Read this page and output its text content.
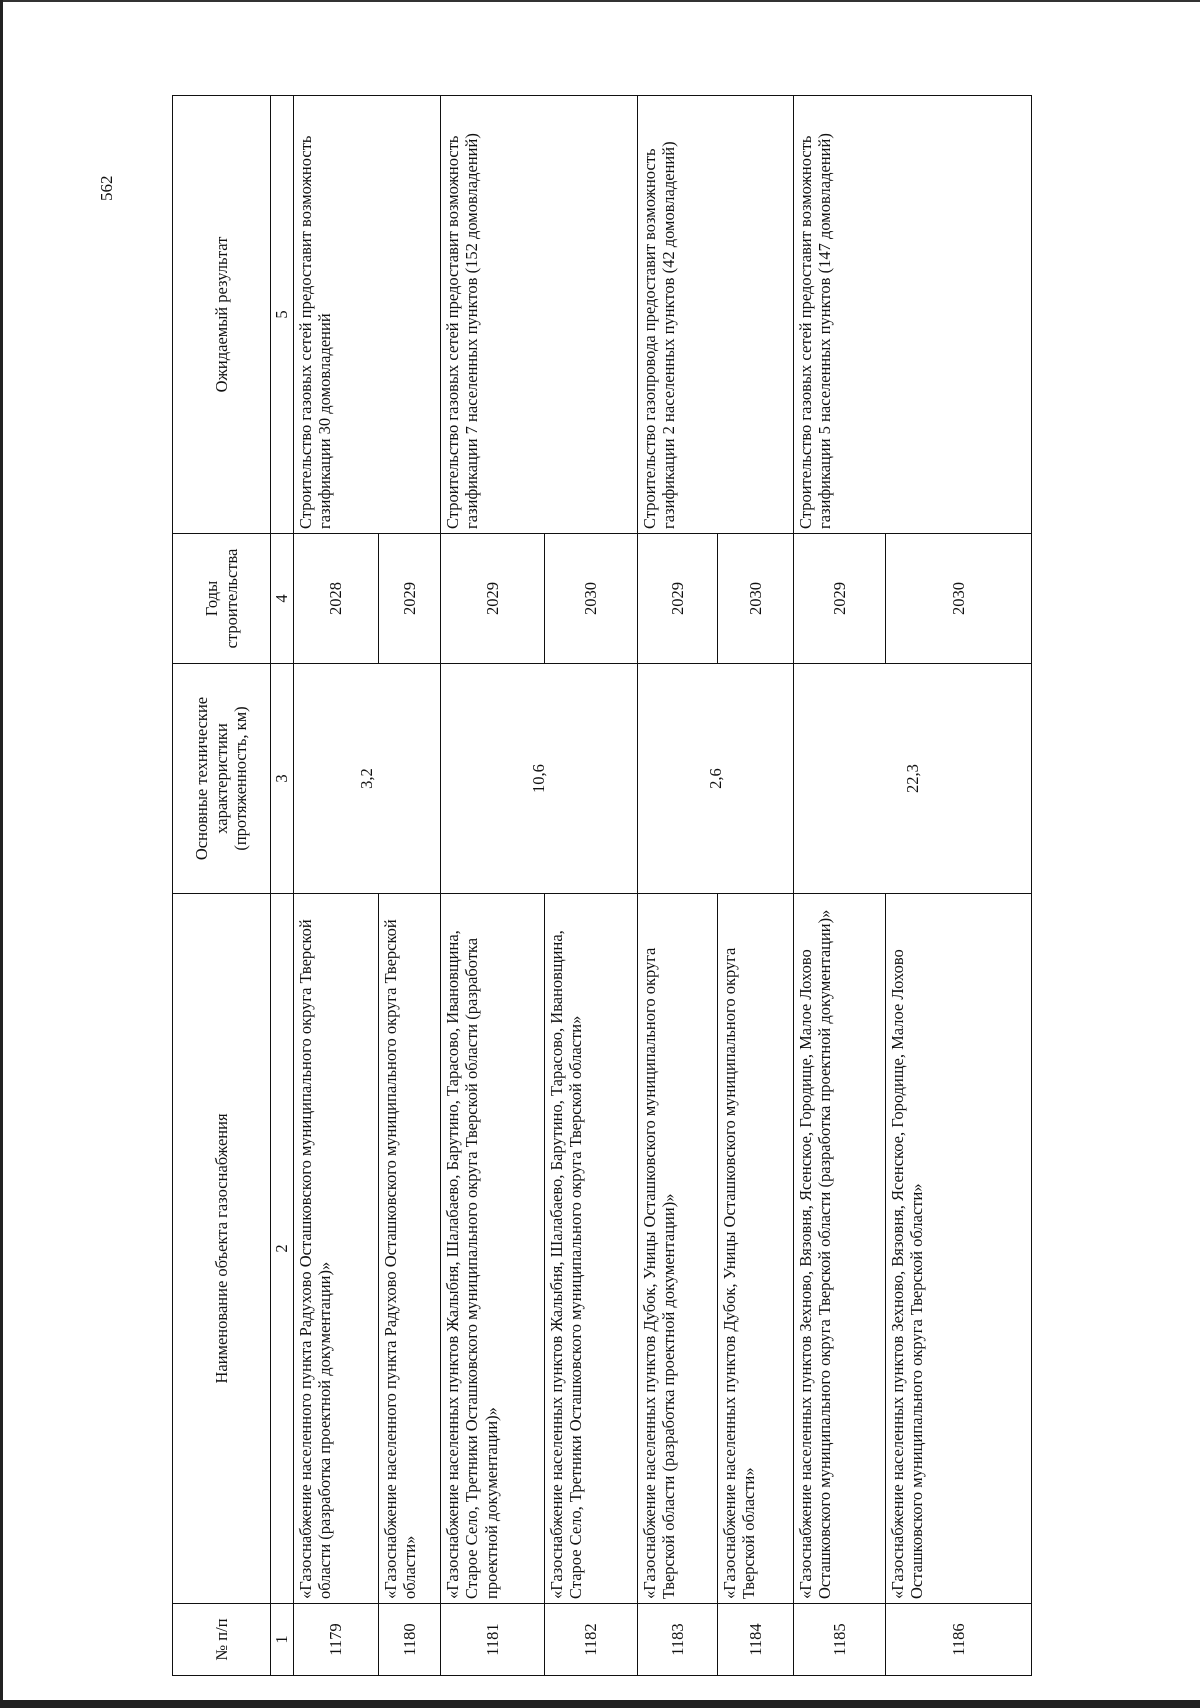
562
№ п/п	Наименование объекта газоснабжения	Основные технические характеристики (протяженность, км)	Годы строительства	Ожидаемый результат
1	2	3	4	5
1179	«Газоснабжение населенного пункта Радухово Осташковского муниципального округа Тверской области (разработка проектной документации)»	3,2	2028	Строительство газовых сетей предоставит возможность газификации 30 домовладений
1180	«Газоснабжение населенного пункта Радухово Осташковского муниципального округа Тверской области»		2029	
1181	«Газоснабжение населенных пунктов Жалыбня, Шалабаево, Барутино, Тарасово, Ивановщина, Старое Село, Третники Осташковского муниципального округа Тверской области (разработка проектной документации)»	10,6	2029	Строительство газовых сетей предоставит возможность газификации 7 населенных пунктов (152 домовладений)
1182	«Газоснабжение населенных пунктов Жалыбня, Шалабаево, Барутино, Тарасово, Ивановщина, Старое Село, Третники Осташковского муниципального округа Тверской области»		2030	
1183	«Газоснабжение населенных пунктов Дубок, Уницы Осташковского муниципального округа Тверской области (разработка проектной документации)»	2,6	2029	Строительство газопровода предоставит возможность газификации 2 населенных пунктов (42 домовладений)
1184	«Газоснабжение населенных пунктов Дубок, Уницы Осташковского муниципального округа Тверской области»		2030	
1185	«Газоснабжение населенных пунктов Зехново, Вязовня, Ясенское, Городище, Малое Лохово Осташковского муниципального округа Тверской области (разработка проектной документации)»	22,3	2029	Строительство газовых сетей предоставит возможность газификации 5 населенных пунктов (147 домовладений)
1186	«Газоснабжение населенных пунктов Зехново, Вязовня, Ясенское, Городище, Малое Лохово Осташковского муниципального округа Тверской области»		2030	
